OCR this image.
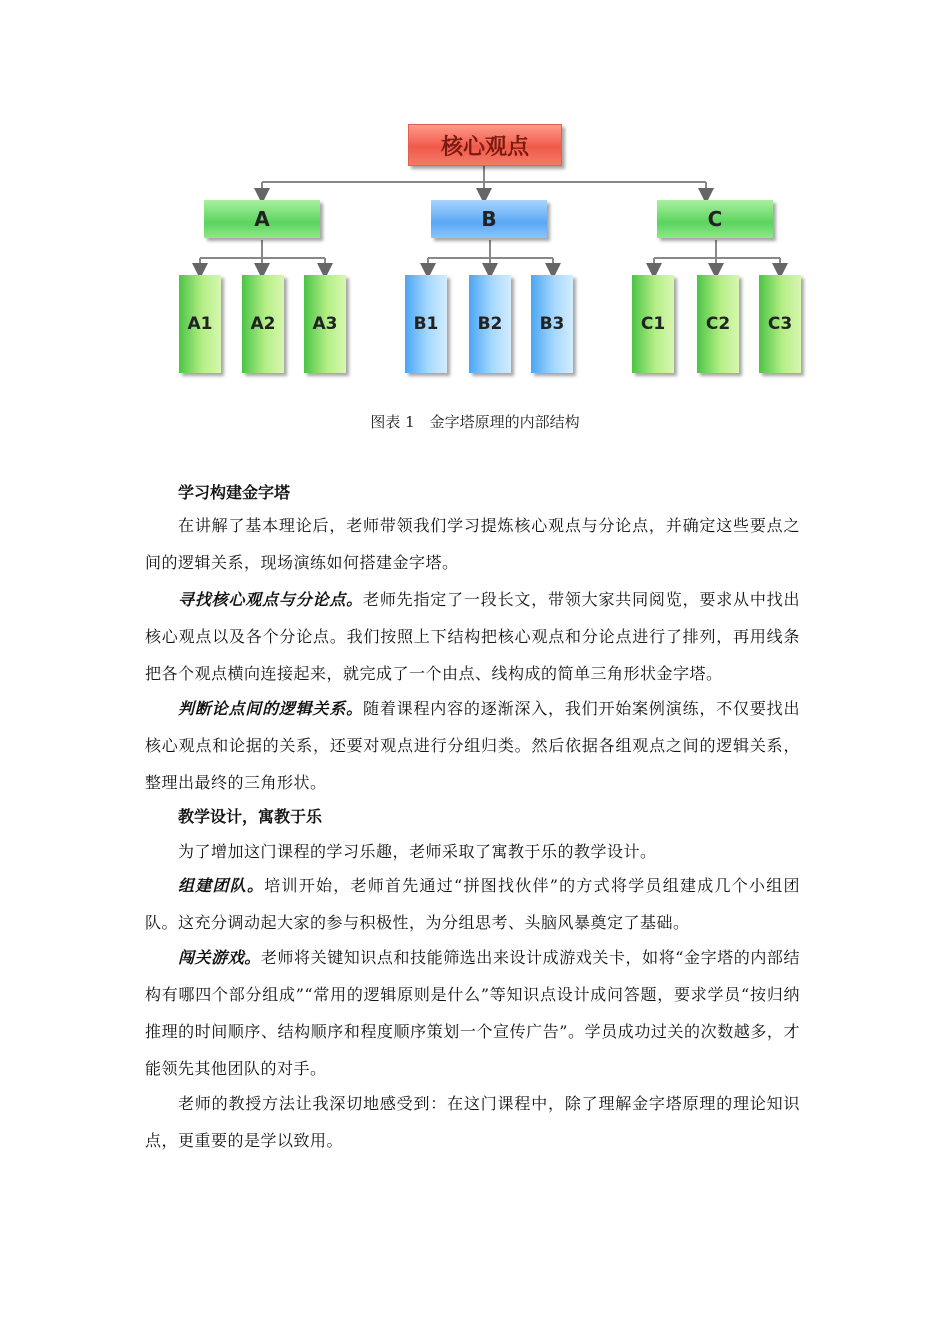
核心观点
A	B	C
A1	A2	A3	B1	B2	B3	C1	C2	C3
图表 1　金字塔原理的内部结构
学习构建金字塔
在讲解了基本理论后，老师带领我们学习提炼核心观点与分论点，并确定这些要点之间的逻辑关系，现场演练如何搭建金字塔。
寻找核心观点与分论点。老师先指定了一段长文，带领大家共同阅览，要求从中找出核心观点以及各个分论点。我们按照上下结构把核心观点和分论点进行了排列，再用线条把各个观点横向连接起来，就完成了一个由点、线构成的简单三角形状金字塔。
判断论点间的逻辑关系。随着课程内容的逐渐深入，我们开始案例演练，不仅要找出核心观点和论据的关系，还要对观点进行分组归类。然后依据各组观点之间的逻辑关系，整理出最终的三角形状。
教学设计，寓教于乐
为了增加这门课程的学习乐趣，老师采取了寓教于乐的教学设计。
组建团队。培训开始，老师首先通过“拼图找伙伴”的方式将学员组建成几个小组团队。这充分调动起大家的参与积极性，为分组思考、头脑风暴奠定了基础。
闯关游戏。老师将关键知识点和技能筛选出来设计成游戏关卡，如将“金字塔的内部结构有哪四个部分组成”“常用的逻辑原则是什么”等知识点设计成问答题，要求学员“按归纳推理的时间顺序、结构顺序和程度顺序策划一个宣传广告”。学员成功过关的次数越多，才能领先其他团队的对手。
老师的教授方法让我深切地感受到：在这门课程中，除了理解金字塔原理的理论知识点，更重要的是学以致用。
